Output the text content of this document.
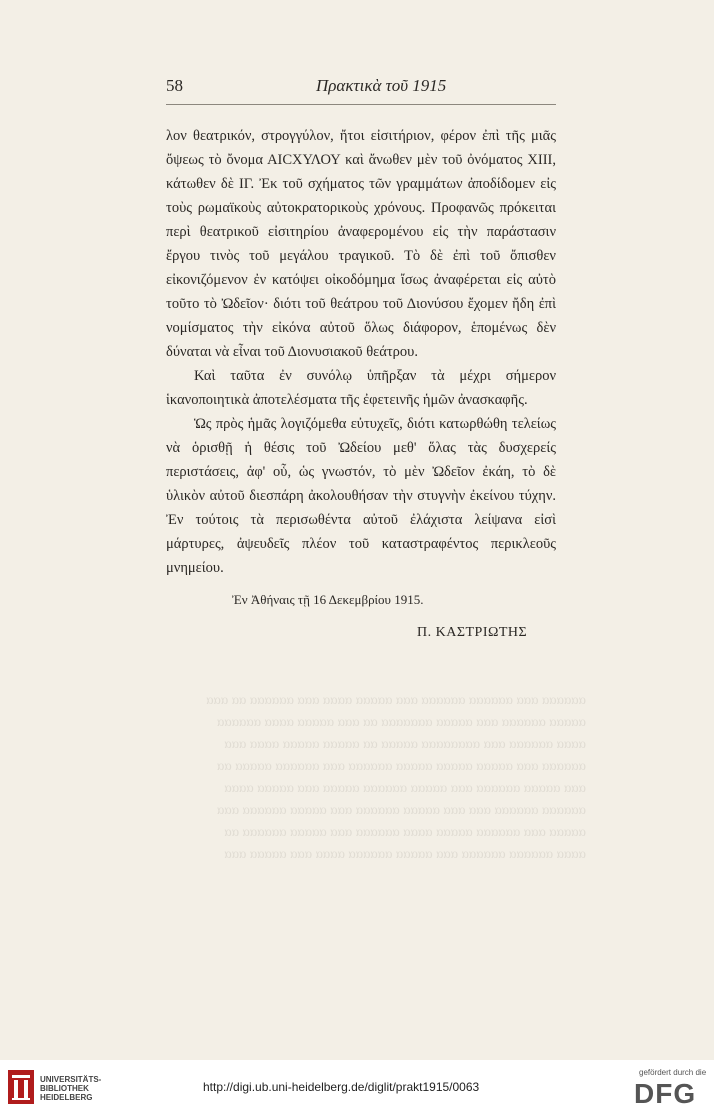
58	Πρακτικὰ τοῦ 1915

λον θεατρικόν, στρογγύλον, ἤτοι εἰσιτήριον, φέρον ἐπὶ τῆς μιᾶς ὄψεως τὸ ὄνομα ΑΙϹΧΥΛΟΥ καὶ ἄνωθεν μὲν τοῦ ὀνόματος ΧΙΙΙ, κάτωθεν δὲ ΙΓ. Ἐκ τοῦ σχήματος τῶν γραμμάτων ἀποδίδομεν εἰς τοὺς ρωμαϊκοὺς αὐτοκρατορικοὺς χρόνους. Προφανῶς πρόκειται περὶ θεατρικοῦ εἰσιτηρίου ἀναφερομένου εἰς τὴν παράστασιν ἔργου τινὸς τοῦ μεγάλου τραγικοῦ. Τὸ δὲ ἐπὶ τοῦ ὄπισθεν εἰκονιζόμενον ἐν κατόψει οἰκοδόμημα ἴσως ἀναφέρεται εἰς αὐτὸ τοῦτο τὸ Ὠδεῖον· διότι τοῦ θεάτρου τοῦ Διονύσου ἔχομεν ἤδη ἐπὶ νομίσματος τὴν εἰκόνα αὐτοῦ ὅλως διάφορον, ἑπομένως δὲν δύναται νὰ εἶναι τοῦ Διονυσιακοῦ θεάτρου.

Καὶ ταῦτα ἐν συνόλῳ ὑπῆρξαν τὰ μέχρι σήμερον ἱκανοποιητικὰ ἀποτελέσματα τῆς ἐφετεινῆς ἡμῶν ἀνασκαφῆς.

Ὡς πρὸς ἡμᾶς λογιζόμεθα εὐτυχεῖς, διότι κατωρθώθη τελείως νὰ ὁρισθῇ ἡ θέσις τοῦ Ὠδείου μεθ' ὅλας τὰς δυσχερείς περιστάσεις, ἀφ' οὗ, ὡς γνωστόν, τὸ μὲν Ὠδεῖον ἐκάη, τὸ δὲ ὑλικὸν αὐτοῦ διεσπάρη ἀκολουθήσαν τὴν στυγνὴν ἐκείνου τύχην. Ἐν τούτοις τὰ περισωθέντα αὐτοῦ ἐλάχιστα λείψανα εἰσὶ μάρτυρες, ἀψευδεῖς πλέον τοῦ καταστραφέντος περικλεοῦς μνημείου.

Ἐν Ἀθήναις τῇ 16 Δεκεμβρίου 1915.
Π. ΚΑΣΤΡΙΩΤΗΣ

αααααα ααα αααααα αααααα ααα ααααα αααα ααα αααααα αα ααα

ααααα αααααα ααα ααααα ααααααα αα ααα ααααα αααα αααααα

αααα αααααα ααα αααααααα ααααα αα ααααα ααααα αααα ααα

αααααα ααα ααααα ααααα ααααα αααααα ααα αααααα ααααα αα

ααα ααααα αααααα ααα ααααα αααααα ααααα ααα ααααα αααα

αααααα αααααα ααα ααα ααααα αααααα ααα ααααα αααααα ααα

ααααα ααα αααααα ααααα αααα αααααα ααα ααααα αααααα αα

αααα αααααα αααααα ααα ααααα αααααα αααα ααα ααααα ααα

UNIVERSITÄTS-
BIBLIOTHEK
HEIDELBERG
http://digi.ub.uni-heidelberg.de/diglit/prakt1915/0063
gefördert durch die
DFG
